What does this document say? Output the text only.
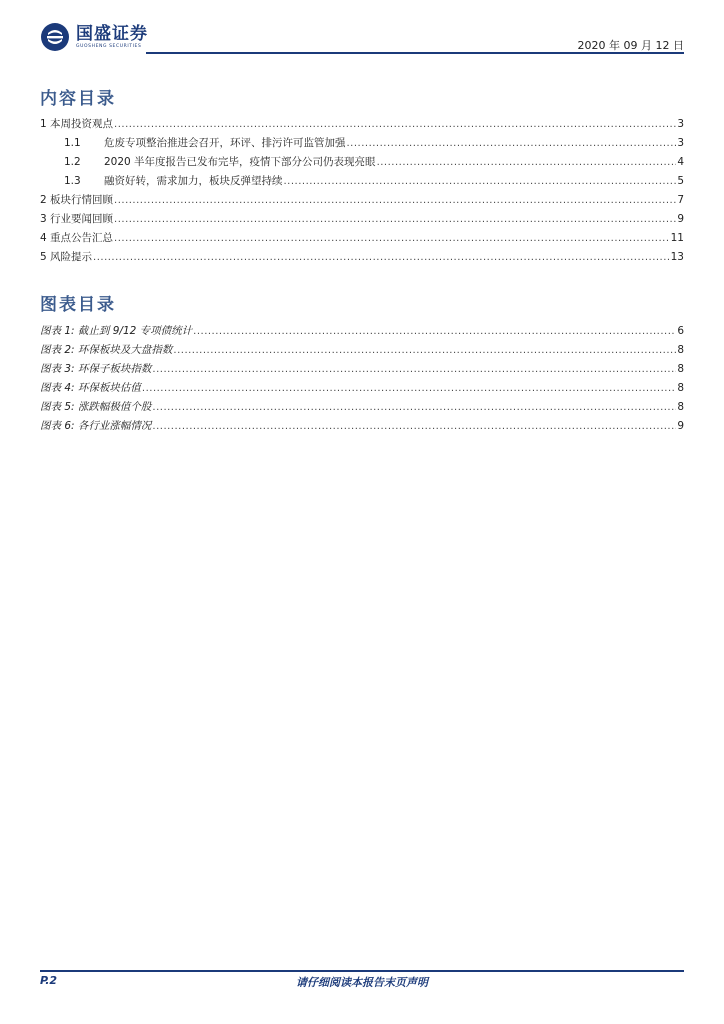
国盛证券
GUOSHENG SECURITIES	2020 年 09 月 12 日
内容目录
1 本周投资观点 .....	3
1.1	危废专项整治推进会召开，环评、排污许可监管加强 .....	3
1.2	2020 半年度报告已发布完毕，疫情下部分公司仍表现亮眼 .....	4
1.3	融资好转，需求加力，板块反弹望持续 .....	5
2 板块行情回顾 .....	7
3 行业要闻回顾 .....	9
4 重点公告汇总 .....	11
5 风险提示 .....	13
图表目录
图表 1: 截止到 9/12 专项债统计 .....	6
图表 2: 环保板块及大盘指数 .....	8
图表 3: 环保子板块指数 .....	8
图表 4: 环保板块估值 .....	8
图表 5: 涨跌幅极值个股 .....	8
图表 6: 各行业涨幅情况 .....	9
P.2	请仔细阅读本报告末页声明
